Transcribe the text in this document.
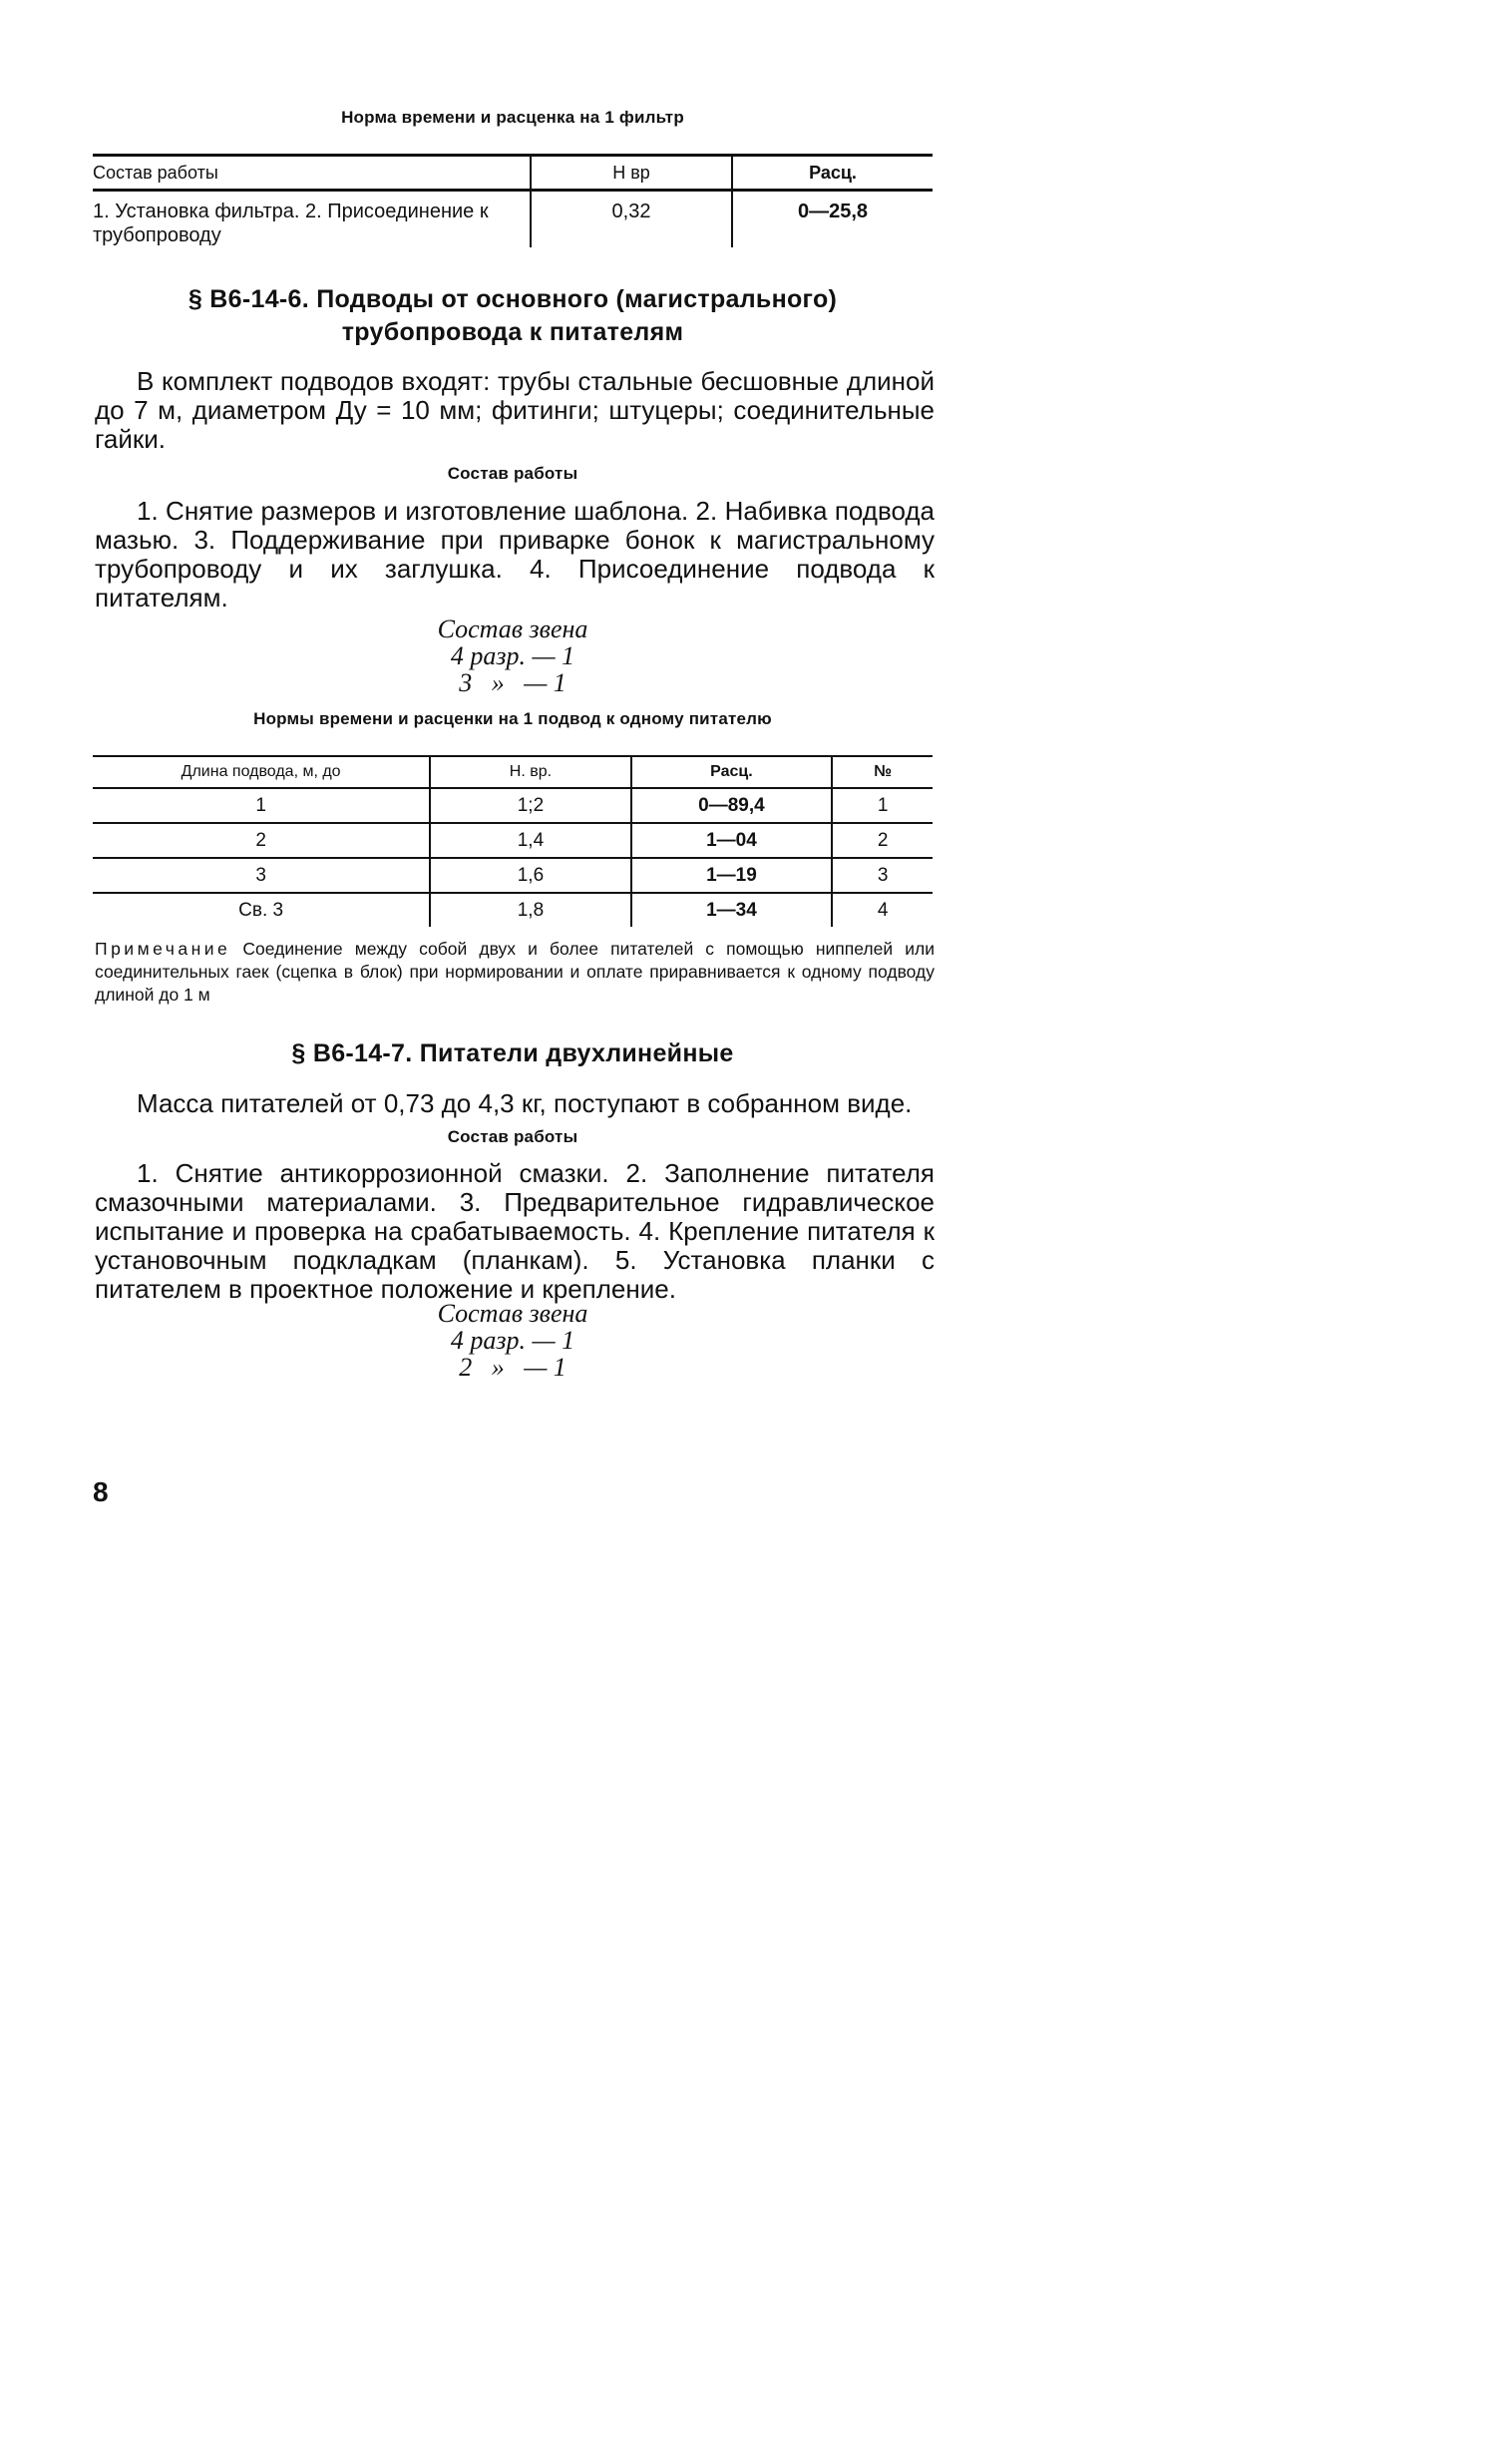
Норма времени и расценка на 1 фильтр
Состав работы	Н вр	Расц.
1. Установка фильтра. 2. Присоединение к трубопроводу	0,32	0—25,8
§ В6-14-6. Подводы от основного (магистрального)
трубопровода к питателям
В комплект подводов входят: трубы стальные бесшовные длиной до 7 м, диаметром Ду = 10 мм; фитинги; штуцеры; соединительные гайки.
Состав работы
1. Снятие размеров и изготовление шаблона. 2. Набивка подвода мазью. 3. Поддерживание при приварке бонок к магистральному трубопроводу и их заглушка. 4. Присоединение подвода к питателям.
Состав звена
4 разр. — 1
3   »   — 1
Нормы времени и расценки на 1 подвод к одному питателю
Длина подвода, м, до	Н. вр.	Расц.	№
1	1;2	0—89,4	1
2	1,4	1—04	2
3	1,6	1—19	3
Св. 3	1,8	1—34	4
Примечание Соединение между собой двух и более питателей с помощью ниппелей или соединительных гаек (сцепка в блок) при нормировании и оплате приравнивается к одному подводу длиной до 1 м
§ В6-14-7. Питатели двухлинейные
Масса питателей от 0,73 до 4,3 кг, поступают в собранном виде.
Состав работы
1. Снятие антикоррозионной смазки. 2. Заполнение питателя смазочными материалами. 3. Предварительное гидравлическое испытание и проверка на срабатываемость. 4. Крепление питателя к установочным подкладкам (планкам). 5. Установка планки с питателем в проектное положение и крепление.
Состав звена
4 разр. — 1
2   »   — 1
8
